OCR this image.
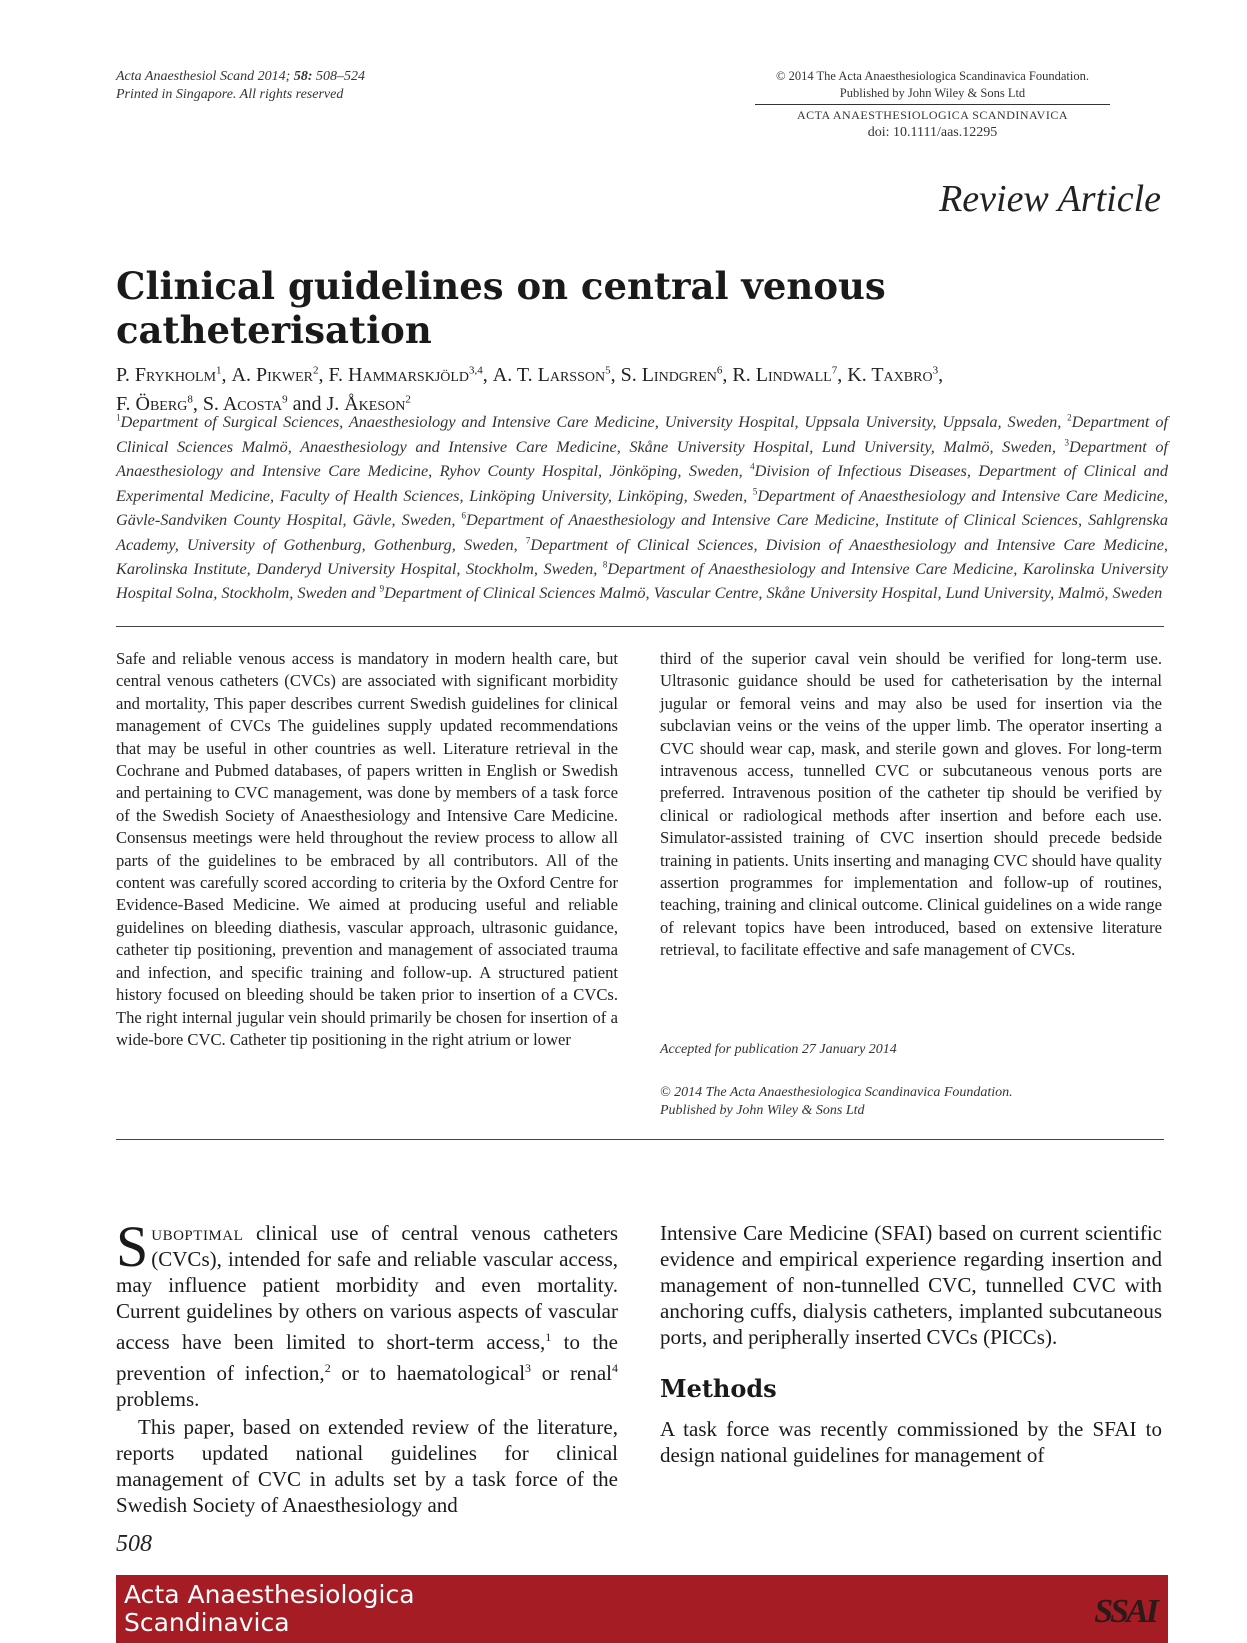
Acta Anaesthesiol Scand 2014; 58: 508–524
Printed in Singapore. All rights reserved
© 2014 The Acta Anaesthesiologica Scandinavica Foundation.
Published by John Wiley & Sons Ltd
ACTA ANAESTHESIOLOGICA SCANDINAVICA
doi: 10.1111/aas.12295
Review Article
Clinical guidelines on central venous catheterisation
P. Frykholm$^1$, A. Pikwer$^2$, F. Hammarskjöld$^{3,4}$, A. T. Larsson$^5$, S. Lindgren$^6$, R. Lindwall$^7$, K. Taxbro$^3$,
F. Öberg$^8$, S. Acosta$^9$ and J. Åkeson$^2$
$^1$Department of Surgical Sciences, Anaesthesiology and Intensive Care Medicine, University Hospital, Uppsala University, Uppsala, Sweden, $^2$Department of Clinical Sciences Malmö, Anaesthesiology and Intensive Care Medicine, Skåne University Hospital, Lund University, Malmö, Sweden, $^3$Department of Anaesthesiology and Intensive Care Medicine, Ryhov County Hospital, Jönköping, Sweden, $^4$Division of Infectious Diseases, Department of Clinical and Experimental Medicine, Faculty of Health Sciences, Linköping University, Linköping, Sweden, $^5$Department of Anaesthesiology and Intensive Care Medicine, Gävle-Sandviken County Hospital, Gävle, Sweden, $^6$Department of Anaesthesiology and Intensive Care Medicine, Institute of Clinical Sciences, Sahlgrenska Academy, University of Gothenburg, Gothenburg, Sweden, $^7$Department of Clinical Sciences, Division of Anaesthesiology and Intensive Care Medicine, Karolinska Institute, Danderyd University Hospital, Stockholm, Sweden, $^8$Department of Anaesthesiology and Intensive Care Medicine, Karolinska University Hospital Solna, Stockholm, Sweden and $^9$Department of Clinical Sciences Malmö, Vascular Centre, Skåne University Hospital, Lund University, Malmö, Sweden

Safe and reliable venous access is mandatory in modern health care, but central venous catheters (CVCs) are associated with significant morbidity and mortality, This paper describes current Swedish guidelines for clinical management of CVCs The guidelines supply updated recommendations that may be useful in other countries as well. Literature retrieval in the Cochrane and Pubmed databases, of papers written in English or Swedish and pertaining to CVC management, was done by members of a task force of the Swedish Society of Anaesthesiology and Intensive Care Medicine. Consensus meetings were held throughout the review process to allow all parts of the guidelines to be embraced by all contributors. All of the content was carefully scored according to criteria by the Oxford Centre for Evidence-Based Medicine. We aimed at producing useful and reliable guidelines on bleeding diathesis, vascular approach, ultrasonic guidance, catheter tip positioning, prevention and management of associated trauma and infection, and specific training and follow-up. A structured patient history focused on bleeding should be taken prior to insertion of a CVCs. The right internal jugular vein should primarily be chosen for insertion of a wide-bore CVC. Catheter tip positioning in the right atrium or lower

third of the superior caval vein should be verified for long-term use. Ultrasonic guidance should be used for catheterisation by the internal jugular or femoral veins and may also be used for insertion via the subclavian veins or the veins of the upper limb. The operator inserting a CVC should wear cap, mask, and sterile gown and gloves. For long-term intravenous access, tunnelled CVC or subcutaneous venous ports are preferred. Intravenous position of the catheter tip should be verified by clinical or radiological methods after insertion and before each use. Simulator-assisted training of CVC insertion should precede bedside training in patients. Units inserting and managing CVC should have quality assertion programmes for implementation and follow-up of routines, teaching, training and clinical outcome. Clinical guidelines on a wide range of relevant topics have been introduced, based on extensive literature retrieval, to facilitate effective and safe management of CVCs.

Accepted for publication 27 January 2014
© 2014 The Acta Anaesthesiologica Scandinavica Foundation.
Published by John Wiley & Sons Ltd

Suboptimal clinical use of central venous catheters (CVCs), intended for safe and reliable vascular access, may influence patient morbidity and even mortality. Current guidelines by others on various aspects of vascular access have been limited to short-term access,$^1$ to the prevention of infection,$^2$ or to haematological$^3$ or renal$^4$ problems.

This paper, based on extended review of the literature, reports updated national guidelines for clinical management of CVC in adults set by a task force of the Swedish Society of Anaesthesiology and

Intensive Care Medicine (SFAI) based on current scientific evidence and empirical experience regarding insertion and management of non-tunnelled CVC, tunnelled CVC with anchoring cuffs, dialysis catheters, implanted subcutaneous ports, and peripherally inserted CVCs (PICCs).

Methods

A task force was recently commissioned by the SFAI to design national guidelines for management of

508
Acta Anaesthesiologica
Scandinavica	SSAI
